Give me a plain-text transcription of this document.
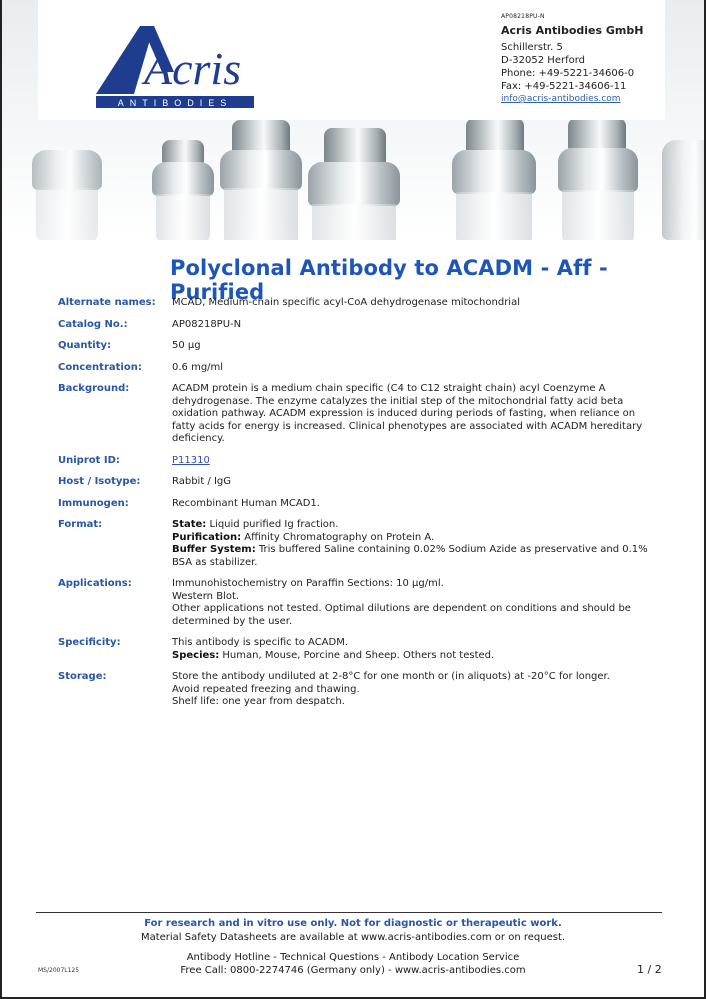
Acris
ANTIBODIES
AP08218PU-N
Acris Antibodies GmbH
Schillerstr. 5
D-32052 Herford
Phone: +49-5221-34606-0
Fax: +49-5221-34606-11
info@acris-antibodies.com
Polyclonal Antibody to ACADM - Aff - Purified
Alternate names:	MCAD, Medium-chain specific acyl-CoA dehydrogenase mitochondrial
Catalog No.:	AP08218PU-N
Quantity:	50 µg
Concentration:	0.6 mg/ml
Background:	ACADM protein is a medium chain specific (C4 to C12 straight chain) acyl Coenzyme A dehydrogenase. The enzyme catalyzes the initial step of the mitochondrial fatty acid beta oxidation pathway. ACADM expression is induced during periods of fasting, when reliance on fatty acids for energy is increased. Clinical phenotypes are associated with ACADM hereditary deficiency.
Uniprot ID:	P11310
Host / Isotype:	Rabbit / IgG
Immunogen:	Recombinant Human MCAD1.
Format:	State: Liquid purified Ig fraction.
Purification: Affinity Chromatography on Protein A.
Buffer System: Tris buffered Saline containing 0.02% Sodium Azide as preservative and 0.1% BSA as stabilizer.
Applications:	Immunohistochemistry on Paraffin Sections: 10 µg/ml.
Western Blot.
Other applications not tested. Optimal dilutions are dependent on conditions and should be determined by the user.
Specificity:	This antibody is specific to ACADM.
Species: Human, Mouse, Porcine and Sheep. Others not tested.
Storage:	Store the antibody undiluted at 2-8°C for one month or (in aliquots) at -20°C for longer.
Avoid repeated freezing and thawing.
Shelf life: one year from despatch.
For research and in vitro use only. Not for diagnostic or therapeutic work.
Material Safety Datasheets are available at www.acris-antibodies.com or on request.
Antibody Hotline - Technical Questions - Antibody Location Service
Free Call: 0800-2274746 (Germany only) - www.acris-antibodies.com
MS/2007L125	1 / 2
